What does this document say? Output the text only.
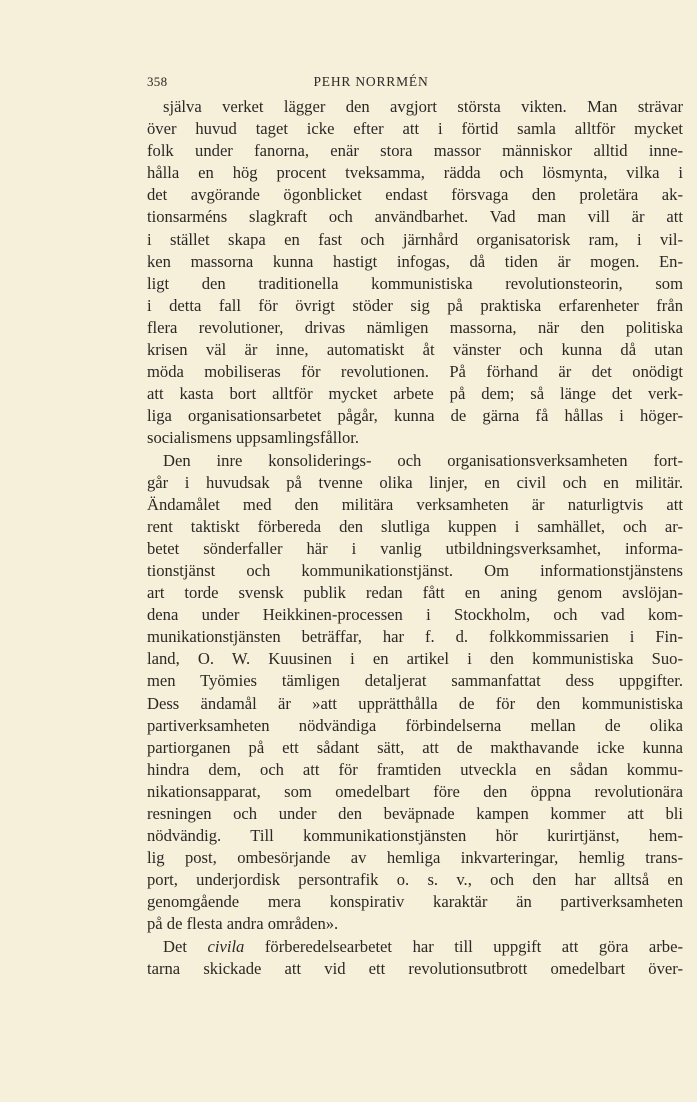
358	PEHR NORRMÉN
själva verket lägger den avgjort största vikten. Man strävar
över huvud taget icke efter att i förtid samla alltför mycket
folk under fanorna, enär stora massor människor alltid inne-
hålla en hög procent tveksamma, rädda och lösmynta, vilka i
det avgörande ögonblicket endast försvaga den proletära ak-
tionsarméns slagkraft och användbarhet. Vad man vill är att
i stället skapa en fast och järnhård organisatorisk ram, i vil-
ken massorna kunna hastigt infogas, då tiden är mogen. En-
ligt den traditionella kommunistiska revolutionsteorin, som
i detta fall för övrigt stöder sig på praktiska erfarenheter från
flera revolutioner, drivas nämligen massorna, när den politiska
krisen väl är inne, automatiskt åt vänster och kunna då utan
möda mobiliseras för revolutionen. På förhand är det onödigt
att kasta bort alltför mycket arbete på dem; så länge det verk-
liga organisationsarbetet pågår, kunna de gärna få hållas i höger-
socialismens uppsamlingsfållor.
Den inre konsoliderings- och organisationsverksamheten fort-
går i huvudsak på tvenne olika linjer, en civil och en militär.
Ändamålet med den militära verksamheten är naturligtvis att
rent taktiskt förbereda den slutliga kuppen i samhället, och ar-
betet sönderfaller här i vanlig utbildningsverksamhet, informa-
tionstjänst och kommunikationstjänst. Om informationstjänstens
art torde svensk publik redan fått en aning genom avslöjan-
dena under Heikkinen-processen i Stockholm, och vad kom-
munikationstjänsten beträffar, har f. d. folkkommissarien i Fin-
land, O. W. Kuusinen i en artikel i den kommunistiska Suo-
men Työmies tämligen detaljerat sammanfattat dess uppgifter.
Dess ändamål är »att upprätthålla de för den kommunistiska
partiverksamheten nödvändiga förbindelserna mellan de olika
partiorganen på ett sådant sätt, att de makthavande icke kunna
hindra dem, och att för framtiden utveckla en sådan kommu-
nikationsapparat, som omedelbart före den öppna revolutionära
resningen och under den beväpnade kampen kommer att bli
nödvändig. Till kommunikationstjänsten hör kurirtjänst, hem-
lig post, ombesörjande av hemliga inkvarteringar, hemlig trans-
port, underjordisk persontrafik o. s. v., och den har alltså en
genomgående mera konspirativ karaktär än partiverksamheten
på de flesta andra områden».
Det civila förberedelsearbetet har till uppgift att göra arbe-
tarna skickade att vid ett revolutionsutbrott omedelbart över-
